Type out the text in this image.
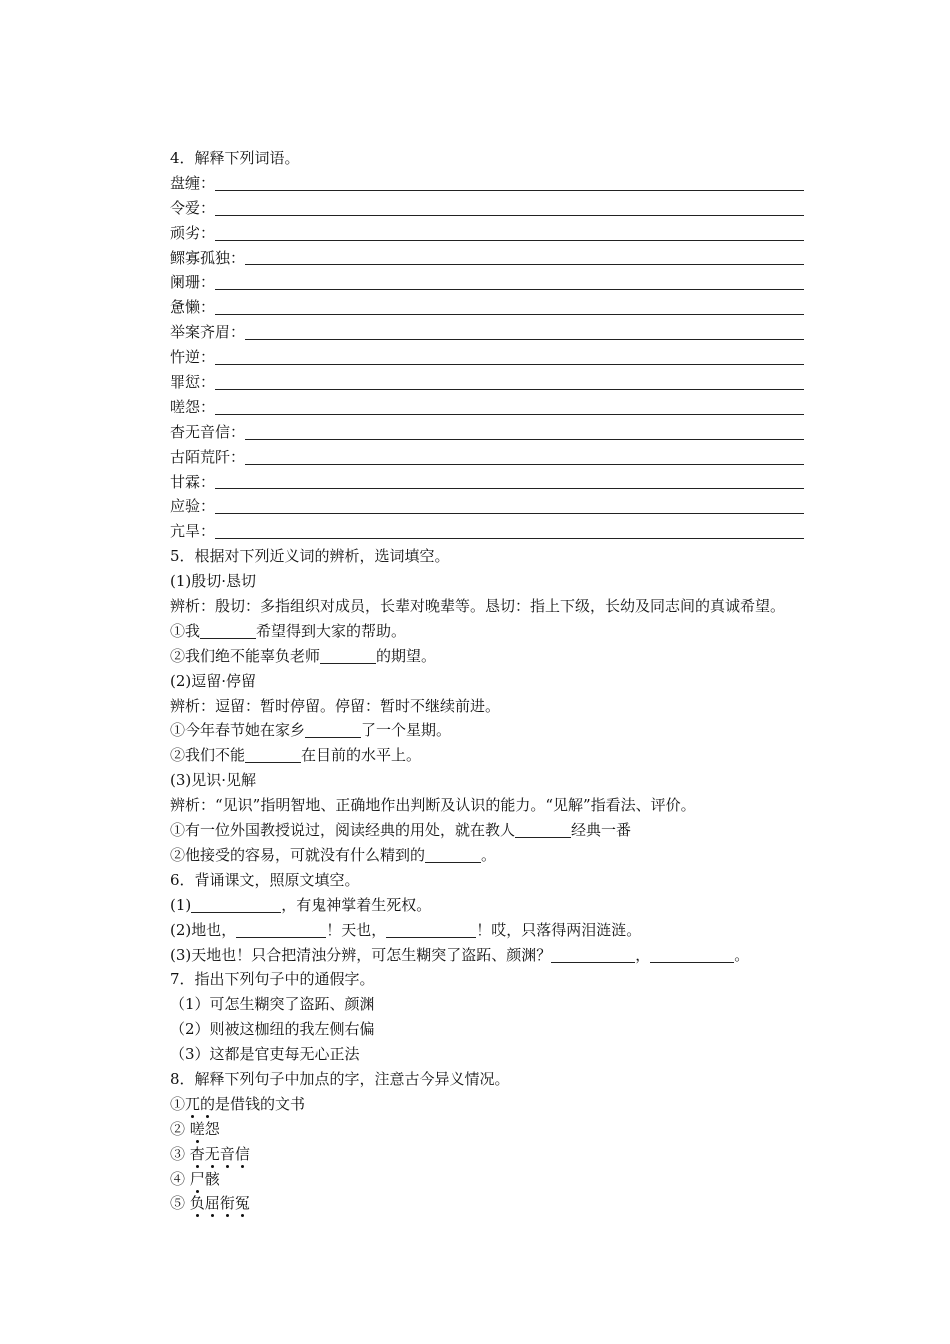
4．解释下列词语。
盘缠：
令爱：
顽劣：
鳏寡孤独：
阑珊：
惫懒：
举案齐眉：
忤逆：
罪愆：
嗟怨：
杳无音信：
古陌荒阡：
甘霖：
应验：
亢旱：
5．根据对下列近义词的辨析，选词填空。
(1)殷切·恳切
辨析：殷切：多指组织对成员，长辈对晚辈等。恳切：指上下级，长幼及同志间的真诚希望。
①我	希望得到大家的帮助。
②我们绝不能辜负老师	的期望。
(2)逗留·停留
辨析：逗留：暂时停留。停留：暂时不继续前进。
①今年春节她在家乡	了一个星期。
②我们不能	在目前的水平上。
(3)见识·见解
辨析：“见识”指明智地、正确地作出判断及认识的能力。“见解”指看法、评价。
①有一位外国教授说过，阅读经典的用处，就在教人	经典一番
②他接受的容易，可就没有什么精到的	。
6．背诵课文，照原文填空。
(1)	，有鬼神掌着生死权。
(2)地也，	！天也，	！哎，只落得两泪涟涟。
(3)天地也！只合把清浊分辨，可怎生糊突了盗跖、颜渊？	，	。
7．指出下列句子中的通假字。
（1）可怎生糊突了盗跖、颜渊
（2）则被这枷纽的我左侧右偏
（3）这都是官吏每无心正法
8．解释下列句子中加点的字，注意古今异义情况。
①兀的是借钱的文书
② 嗟怨
③ 杳无音信
④ 尸骸
⑤ 负屈衔冤
